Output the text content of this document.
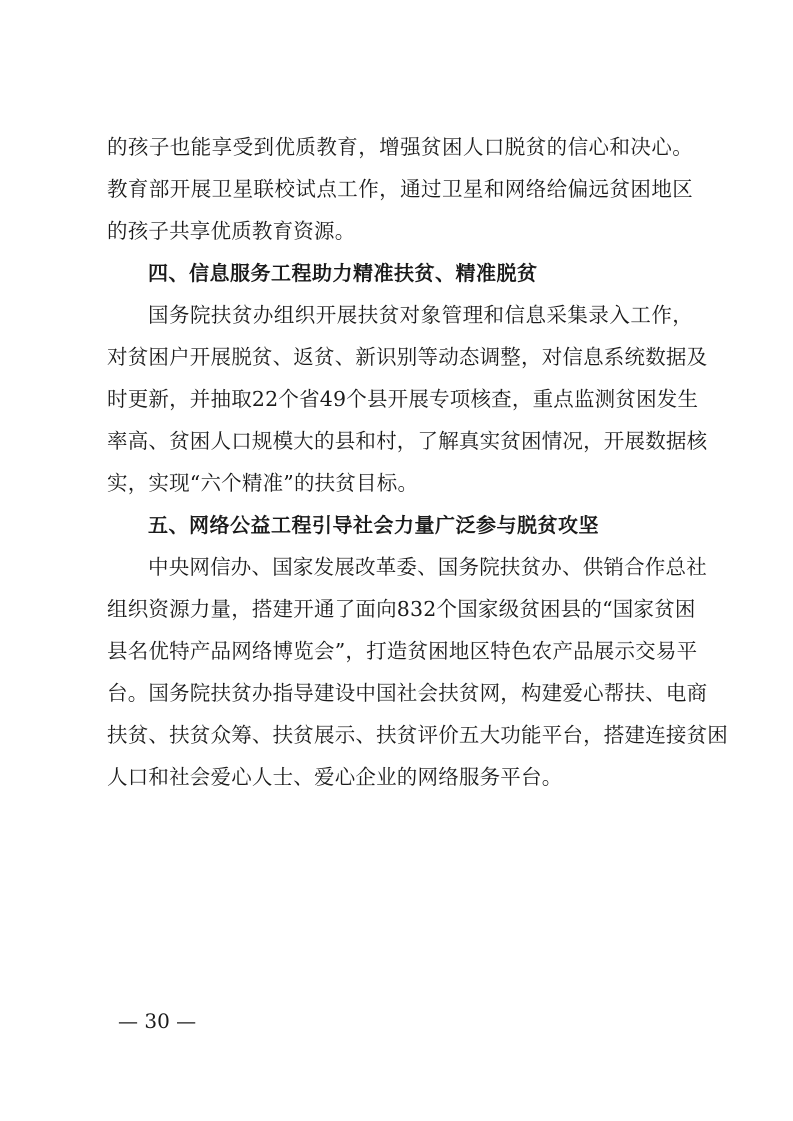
的孩子也能享受到优质教育，增强贫困人口脱贫的信心和决心。
教育部开展卫星联校试点工作，通过卫星和网络给偏远贫困地区
的孩子共享优质教育资源。
四、信息服务工程助力精准扶贫、精准脱贫
国务院扶贫办组织开展扶贫对象管理和信息采集录入工作，
对贫困户开展脱贫、返贫、新识别等动态调整，对信息系统数据及
时更新，并抽取22个省49个县开展专项核查，重点监测贫困发生
率高、贫困人口规模大的县和村，了解真实贫困情况，开展数据核
实，实现“六个精准”的扶贫目标。
五、网络公益工程引导社会力量广泛参与脱贫攻坚
中央网信办、国家发展改革委、国务院扶贫办、供销合作总社
组织资源力量，搭建开通了面向832个国家级贫困县的“国家贫困
县名优特产品网络博览会”，打造贫困地区特色农产品展示交易平
台。国务院扶贫办指导建设中国社会扶贫网，构建爱心帮扶、电商
扶贫、扶贫众筹、扶贫展示、扶贫评价五大功能平台，搭建连接贫困
人口和社会爱心人士、爱心企业的网络服务平台。
— 30 —
